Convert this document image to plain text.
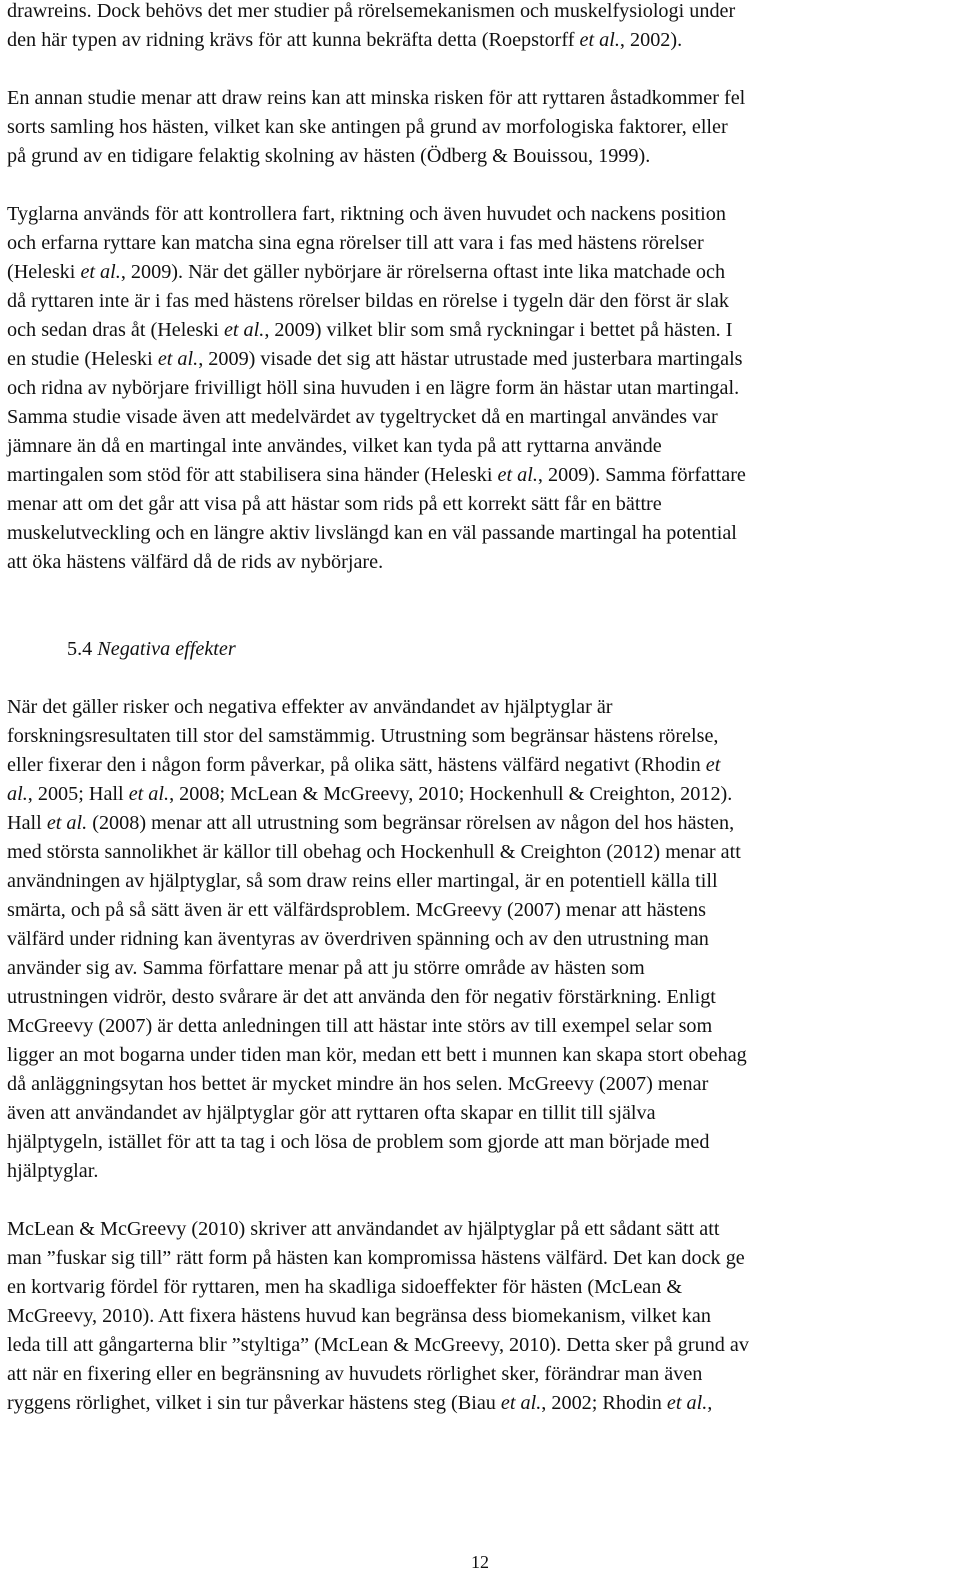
drawreins. Dock behövs det mer studier på rörelsemekanismen och muskelfysiologi under
den här typen av ridning krävs för att kunna bekräfta detta (Roepstorff et al., 2002).
En annan studie menar att draw reins kan att minska risken för att ryttaren åstadkommer fel
sorts samling hos hästen, vilket kan ske antingen på grund av morfologiska faktorer, eller
på grund av en tidigare felaktig skolning av hästen (Ödberg & Bouissou, 1999).
Tyglarna används för att kontrollera fart, riktning och även huvudet och nackens position
och erfarna ryttare kan matcha sina egna rörelser till att vara i fas med hästens rörelser
(Heleski et al., 2009). När det gäller nybörjare är rörelserna oftast inte lika matchade och
då ryttaren inte är i fas med hästens rörelser bildas en rörelse i tygeln där den först är slak
och sedan dras åt (Heleski et al., 2009) vilket blir som små ryckningar i bettet på hästen. I
en studie (Heleski et al., 2009) visade det sig att hästar utrustade med justerbara martingals
och ridna av nybörjare frivilligt höll sina huvuden i en lägre form än hästar utan martingal.
Samma studie visade även att medelvärdet av tygeltrycket då en martingal användes var
jämnare än då en martingal inte användes, vilket kan tyda på att ryttarna använde
martingalen som stöd för att stabilisera sina händer (Heleski et al., 2009). Samma författare
menar att om det går att visa på att hästar som rids på ett korrekt sätt får en bättre
muskelutveckling och en längre aktiv livslängd kan en väl passande martingal ha potential
att öka hästens välfärd då de rids av nybörjare.
5.4 Negativa effekter
När det gäller risker och negativa effekter av användandet av hjälptyglar är
forskningsresultaten till stor del samstämmig. Utrustning som begränsar hästens rörelse,
eller fixerar den i någon form påverkar, på olika sätt, hästens välfärd negativt (Rhodin et
al., 2005; Hall et al., 2008; McLean & McGreevy, 2010; Hockenhull & Creighton, 2012).
Hall et al. (2008) menar att all utrustning som begränsar rörelsen av någon del hos hästen,
med största sannolikhet är källor till obehag och Hockenhull & Creighton (2012) menar att
användningen av hjälptyglar, så som draw reins eller martingal, är en potentiell källa till
smärta, och på så sätt även är ett välfärdsproblem. McGreevy (2007) menar att hästens
välfärd under ridning kan äventyras av överdriven spänning och av den utrustning man
använder sig av. Samma författare menar på att ju större område av hästen som
utrustningen vidrör, desto svårare är det att använda den för negativ förstärkning. Enligt
McGreevy (2007) är detta anledningen till att hästar inte störs av till exempel selar som
ligger an mot bogarna under tiden man kör, medan ett bett i munnen kan skapa stort obehag
då anläggningsytan hos bettet är mycket mindre än hos selen. McGreevy (2007) menar
även att användandet av hjälptyglar gör att ryttaren ofta skapar en tillit till själva
hjälptygeln, istället för att ta tag i och lösa de problem som gjorde att man började med
hjälptyglar.
McLean & McGreevy (2010) skriver att användandet av hjälptyglar på ett sådant sätt att
man ”fuskar sig till” rätt form på hästen kan kompromissa hästens välfärd. Det kan dock ge
en kortvarig fördel för ryttaren, men ha skadliga sidoeffekter för hästen (McLean &
McGreevy, 2010). Att fixera hästens huvud kan begränsa dess biomekanism, vilket kan
leda till att gångarterna blir ”styltiga” (McLean & McGreevy, 2010). Detta sker på grund av
att när en fixering eller en begränsning av huvudets rörlighet sker, förändrar man även
ryggens rörlighet, vilket i sin tur påverkar hästens steg (Biau et al., 2002; Rhodin et al.,
12
